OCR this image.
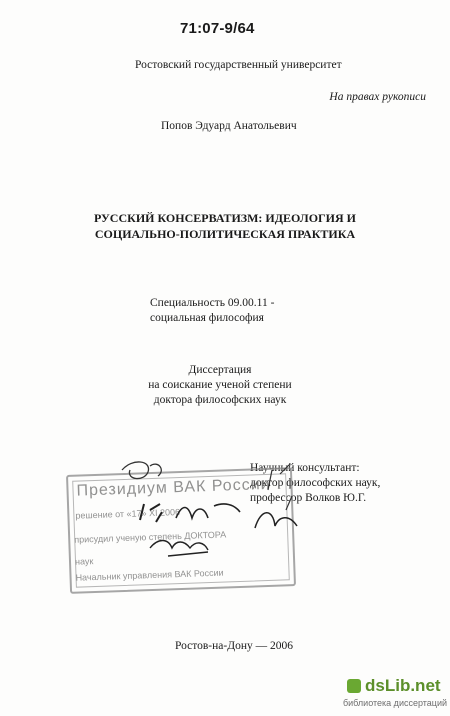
71:07-9/64
Ростовский государственный университет
На правах рукописи
Попов Эдуард Анатольевич
РУССКИЙ КОНСЕРВАТИЗМ: ИДЕОЛОГИЯ И
СОЦИАЛЬНО-ПОЛИТИЧЕСКАЯ ПРАКТИКА
Специальность 09.00.11 -
социальная философия
Диссертация
на соискание ученой степени
доктора философских наук
Научный консультант:
доктор философских наук,
профессор Волков Ю.Г.
Президиум ВАК России
решение от «17» XI 2006
присудил ученую степень ДОКТОРА
наук
Начальник управления ВАК России
Ростов-на-Дону — 2006
dsLib.net
библиотека диссертаций
